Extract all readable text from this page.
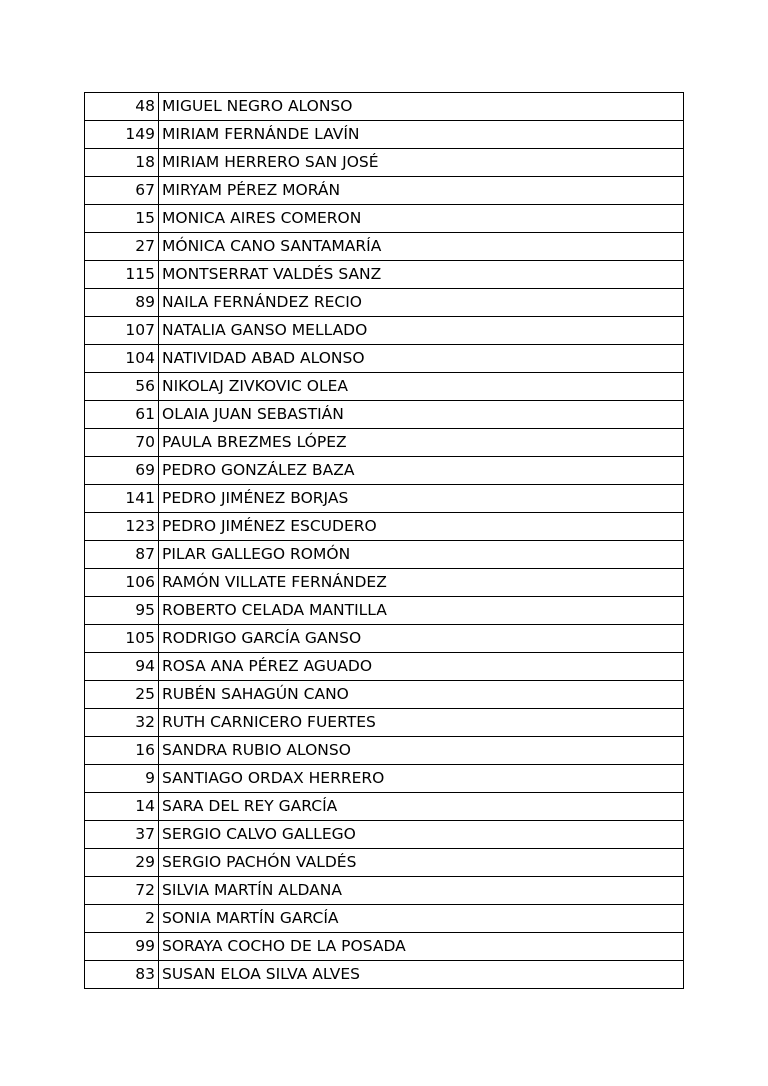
48	MIGUEL NEGRO ALONSO
149	MIRIAM FERNÁNDE LAVÍN
18	MIRIAM HERRERO SAN JOSÉ
67	MIRYAM PÉREZ MORÁN
15	MONICA AIRES COMERON
27	MÓNICA CANO SANTAMARÍA
115	MONTSERRAT VALDÉS SANZ
89	NAILA FERNÁNDEZ RECIO
107	NATALIA GANSO MELLADO
104	NATIVIDAD ABAD ALONSO
56	NIKOLAJ ZIVKOVIC OLEA
61	OLAIA JUAN SEBASTIÁN
70	PAULA BREZMES LÓPEZ
69	PEDRO GONZÁLEZ BAZA
141	PEDRO JIMÉNEZ BORJAS
123	PEDRO JIMÉNEZ ESCUDERO
87	PILAR GALLEGO ROMÓN
106	RAMÓN VILLATE FERNÁNDEZ
95	ROBERTO CELADA MANTILLA
105	RODRIGO GARCÍA GANSO
94	ROSA ANA PÉREZ AGUADO
25	RUBÉN SAHAGÚN CANO
32	RUTH CARNICERO FUERTES
16	SANDRA RUBIO ALONSO
9	SANTIAGO ORDAX HERRERO
14	SARA DEL REY GARCÍA
37	SERGIO CALVO GALLEGO
29	SERGIO PACHÓN VALDÉS
72	SILVIA MARTÍN ALDANA
2	SONIA MARTÍN GARCÍA
99	SORAYA COCHO DE LA POSADA
83	SUSAN ELOA SILVA ALVES
